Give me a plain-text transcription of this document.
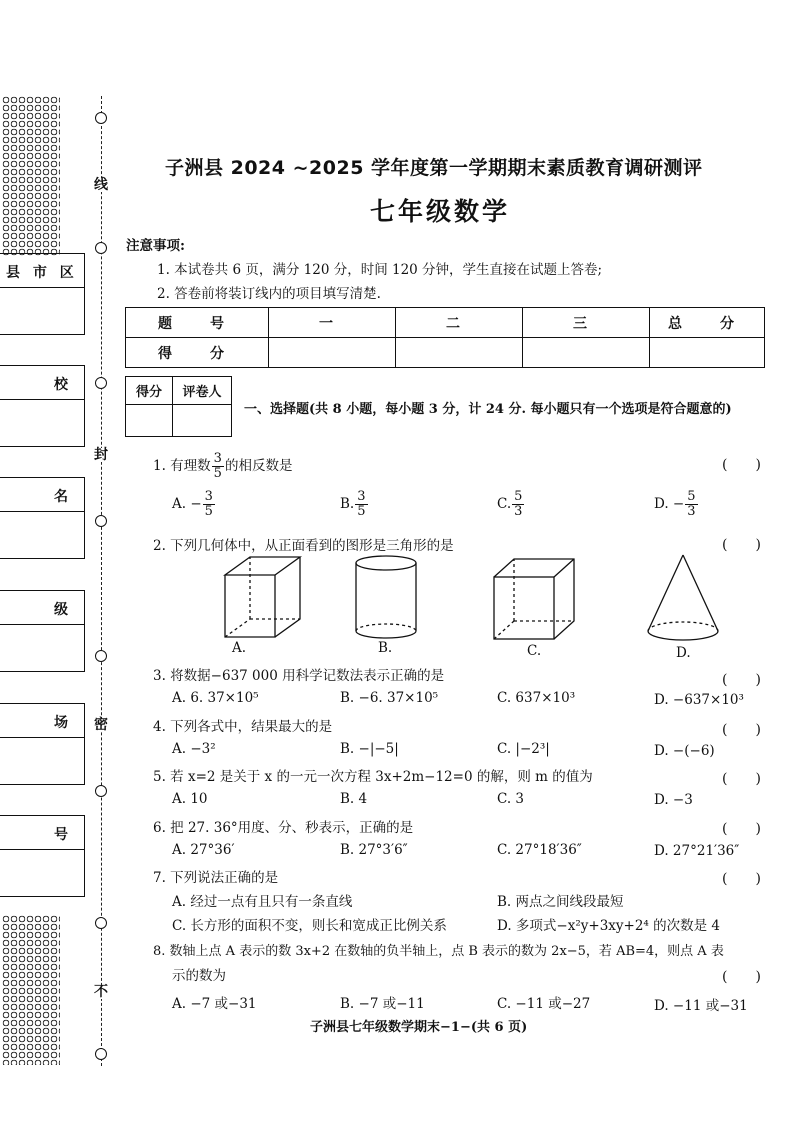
线
封
密
不
县 市 区
校
名
级
场
号
子洲县 2024 ~2025 学年度第一学期期末素质教育调研测评
七年级数学
注意事项:
1. 本试卷共 6 页，满分 120 分，时间 120 分钟，学生直接在试题上答卷;
2. 答卷前将装订线内的项目填写清楚.
题　号	一	二	三	总　分
得　分				
得分	评卷人

一、选择题(共 8 小题，每小题 3 分，计 24 分. 每小题只有一个选项是符合题意的)
1. 有理数 $\frac{3}{5}$ 的相反数是	(　　)
A. − $\frac{3}{5}$	B. $\frac{3}{5}$	C. $\frac{5}{3}$	D. − $\frac{5}{3}$
2. 下列几何体中，从正面看到的图形是三角形的是	(　　)
A.	B.	C.	D.
3. 将数据−637 000 用科学记数法表示正确的是	(　　)
A. 6. 37×10⁵	B. −6. 37×10⁵	C. 637×10³	D. −637×10³
4. 下列各式中，结果最大的是	(　　)
A. −3²	B. −|−5|	C. |−2³|	D. −(−6)
5. 若 x=2 是关于 x 的一元一次方程 3x+2m−12=0 的解，则 m 的值为	(　　)
A. 10	B. 4	C. 3	D. −3
6. 把 27. 36°用度、分、秒表示，正确的是	(　　)
A. 27°36′	B. 27°3′6″	C. 27°18′36″	D. 27°21′36″
7. 下列说法正确的是	(　　)
A. 经过一点有且只有一条直线	B. 两点之间线段最短
C. 长方形的面积不变，则长和宽成正比例关系	D. 多项式−x²y+3xy+2⁴ 的次数是 4
8. 数轴上点 A 表示的数 3x+2 在数轴的负半轴上，点 B 表示的数为 2x−5，若 AB=4，则点 A 表
示的数为	(　　)
A. −7 或−31	B. −7 或−11	C. −11 或−27	D. −11 或−31
子洲县七年级数学期末−1−(共 6 页)
